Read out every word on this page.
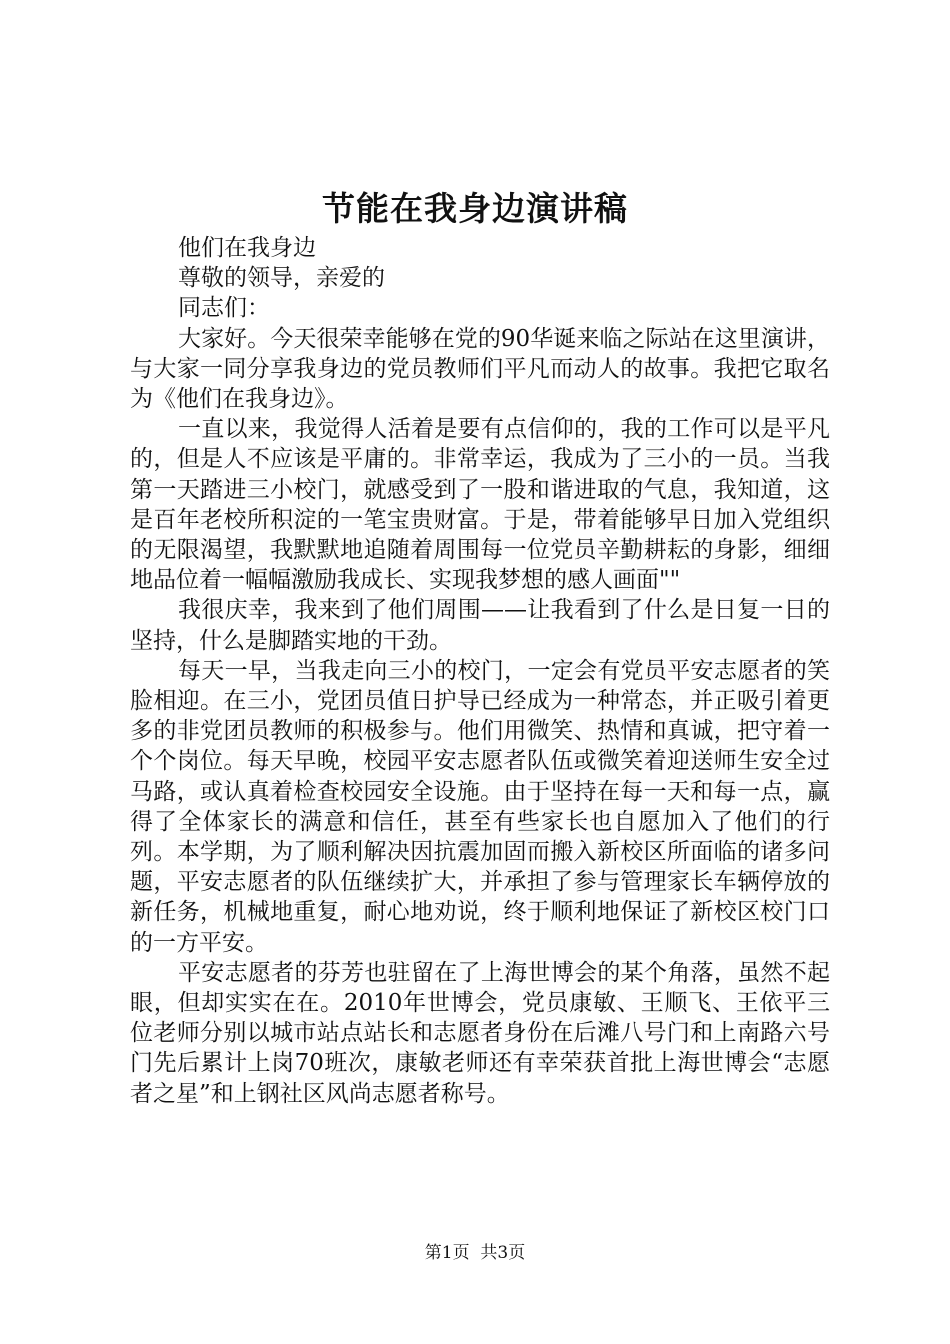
节能在我身边演讲稿

他们在我身边

尊敬的领导，亲爱的

同志们：

大家好。今天很荣幸能够在党的90华诞来临之际站在这里演讲，与大家一同分享我身边的党员教师们平凡而动人的故事。我把它取名为《他们在我身边》。

一直以来，我觉得人活着是要有点信仰的，我的工作可以是平凡的，但是人不应该是平庸的。非常幸运，我成为了三小的一员。当我第一天踏进三小校门，就感受到了一股和谐进取的气息，我知道，这是百年老校所积淀的一笔宝贵财富。于是，带着能够早日加入党组织的无限渴望，我默默地追随着周围每一位党员辛勤耕耘的身影，细细地品位着一幅幅激励我成长、实现我梦想的感人画面""

我很庆幸，我来到了他们周围——让我看到了什么是日复一日的坚持，什么是脚踏实地的干劲。

每天一早，当我走向三小的校门，一定会有党员平安志愿者的笑脸相迎。在三小，党团员值日护导已经成为一种常态，并正吸引着更多的非党团员教师的积极参与。他们用微笑、热情和真诚，把守着一个个岗位。每天早晚，校园平安志愿者队伍或微笑着迎送师生安全过马路，或认真着检查校园安全设施。由于坚持在每一天和每一点，赢得了全体家长的满意和信任，甚至有些家长也自愿加入了他们的行列。本学期，为了顺利解决因抗震加固而搬入新校区所面临的诸多问题，平安志愿者的队伍继续扩大，并承担了参与管理家长车辆停放的新任务，机械地重复，耐心地劝说，终于顺利地保证了新校区校门口的一方平安。

平安志愿者的芬芳也驻留在了上海世博会的某个角落，虽然不起眼，但却实实在在。2010年世博会，党员康敏、王顺飞、王依平三位老师分别以城市站点站长和志愿者身份在后滩八号门和上南路六号门先后累计上岗70班次，康敏老师还有幸荣获首批上海世博会“志愿者之星”和上钢社区风尚志愿者称号。

第1页 共3页
